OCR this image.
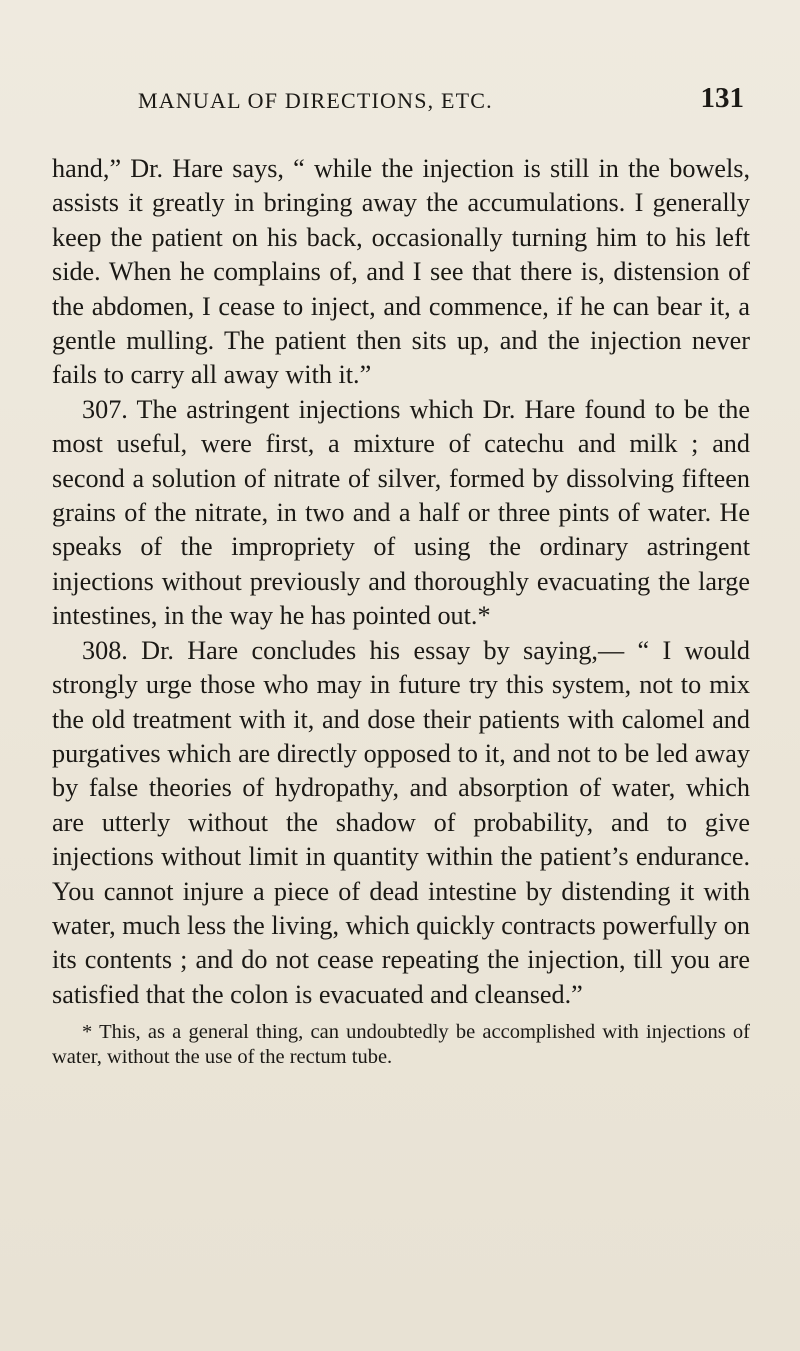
MANUAL OF DIRECTIONS, ETC.	131

hand,” Dr. Hare says, “ while the injection is still in the bowels, assists it greatly in bringing away the accumulations. I generally keep the patient on his back, occasionally turning him to his left side. When he complains of, and I see that there is, distension of the abdomen, I cease to inject, and commence, if he can bear it, a gentle mulling. The patient then sits up, and the injection never fails to carry all away with it.”

307. The astringent injections which Dr. Hare found to be the most useful, were first, a mixture of catechu and milk ; and second a solution of nitrate of silver, formed by dissolving fifteen grains of the nitrate, in two and a half or three pints of water. He speaks of the impropriety of using the ordinary astringent injections without previously and thoroughly evacuating the large intestines, in the way he has pointed out.*

308. Dr. Hare concludes his essay by saying,— “ I would strongly urge those who may in future try this system, not to mix the old treatment with it, and dose their patients with calomel and purgatives which are directly opposed to it, and not to be led away by false theories of hydropathy, and absorption of water, which are utterly without the shadow of probability, and to give injections without limit in quantity within the patient’s endurance. You cannot injure a piece of dead intestine by distending it with water, much less the living, which quickly contracts powerfully on its contents ; and do not cease repeating the injection, till you are satisfied that the colon is evacuated and cleansed.”

* This, as a general thing, can undoubtedly be accomplished with injections of water, without the use of the rectum tube.
